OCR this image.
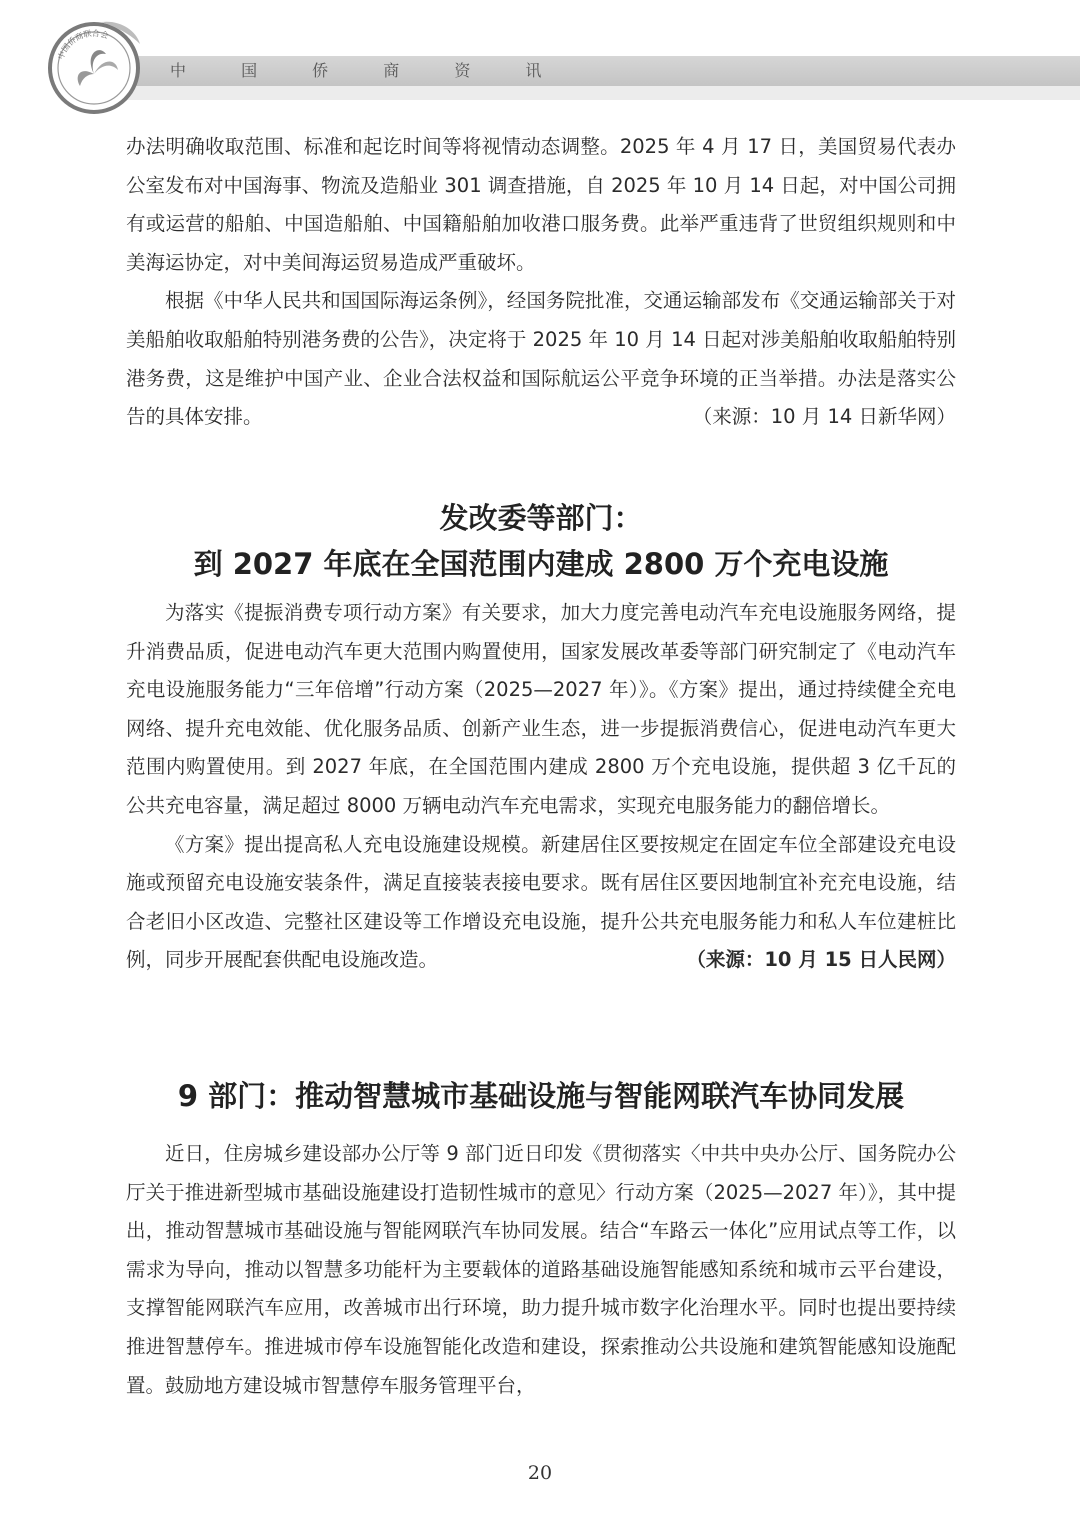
中 国 侨 商 资 讯
中国侨商联合会

办法明确收取范围、标准和起讫时间等将视情动态调整。2025 年 4 月 17 日，美国贸易代表办公室发布对中国海事、物流及造船业 301 调查措施，自 2025 年 10 月 14 日起，对中国公司拥有或运营的船舶、中国造船舶、中国籍船舶加收港口服务费。此举严重违背了世贸组织规则和中美海运协定，对中美间海运贸易造成严重破坏。

根据《中华人民共和国国际海运条例》，经国务院批准，交通运输部发布《交通运输部关于对美船舶收取船舶特别港务费的公告》，决定将于 2025 年 10 月 14 日起对涉美船舶收取船舶特别港务费，这是维护中国产业、企业合法权益和国际航运公平竞争环境的正当举措。办法是落实公告的具体安排。	（来源：10 月 14 日新华网）

发改委等部门：
到 2027 年底在全国范围内建成 2800 万个充电设施

为落实《提振消费专项行动方案》有关要求，加大力度完善电动汽车充电设施服务网络，提升消费品质，促进电动汽车更大范围内购置使用，国家发展改革委等部门研究制定了《电动汽车充电设施服务能力“三年倍增”行动方案（2025—2027 年）》。《方案》提出，通过持续健全充电网络、提升充电效能、优化服务品质、创新产业生态，进一步提振消费信心，促进电动汽车更大范围内购置使用。到 2027 年底，在全国范围内建成 2800 万个充电设施，提供超 3 亿千瓦的公共充电容量，满足超过 8000 万辆电动汽车充电需求，实现充电服务能力的翻倍增长。

《方案》提出提高私人充电设施建设规模。新建居住区要按规定在固定车位全部建设充电设施或预留充电设施安装条件，满足直接装表接电要求。既有居住区要因地制宜补充充电设施，结合老旧小区改造、完整社区建设等工作增设充电设施，提升公共充电服务能力和私人车位建桩比例，同步开展配套供配电设施改造。	（来源：10 月 15 日人民网）

9 部门：推动智慧城市基础设施与智能网联汽车协同发展

近日，住房城乡建设部办公厅等 9 部门近日印发《贯彻落实〈中共中央办公厅、国务院办公厅关于推进新型城市基础设施建设打造韧性城市的意见〉行动方案（2025—2027 年）》，其中提出，推动智慧城市基础设施与智能网联汽车协同发展。结合“车路云一体化”应用试点等工作，以需求为导向，推动以智慧多功能杆为主要载体的道路基础设施智能感知系统和城市云平台建设，支撑智能网联汽车应用，改善城市出行环境，助力提升城市数字化治理水平。同时也提出要持续推进智慧停车。推进城市停车设施智能化改造和建设，探索推动公共设施和建筑智能感知设施配置。鼓励地方建设城市智慧停车服务管理平台，

20
